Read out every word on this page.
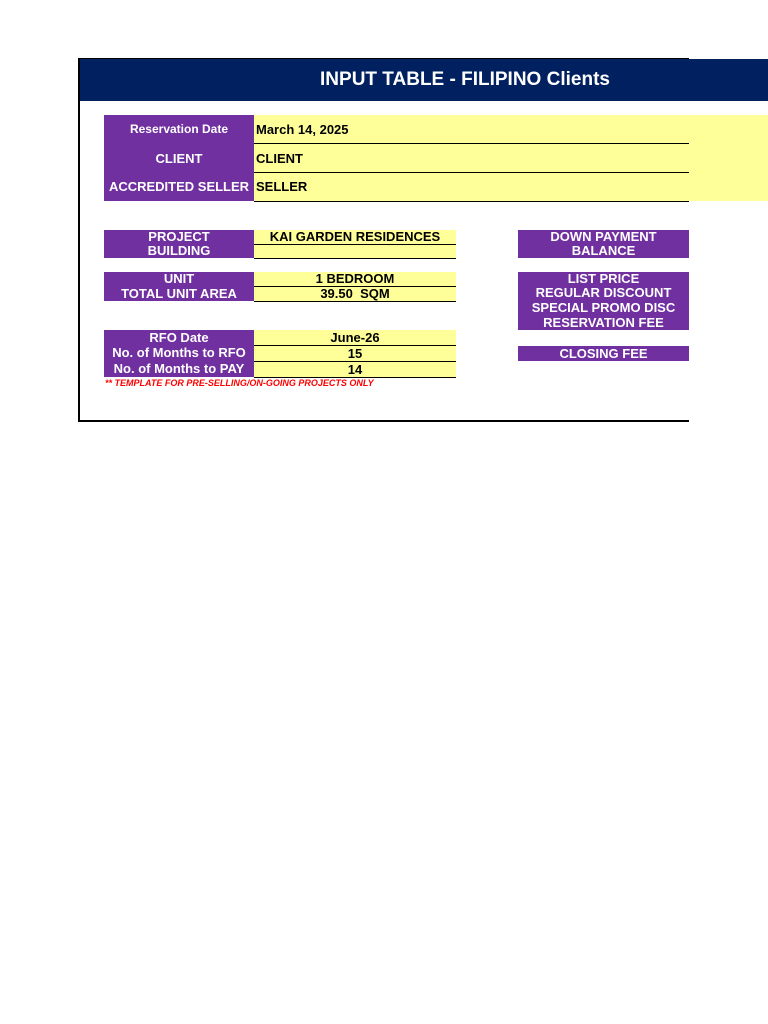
INPUT TABLE - FILIPINO Clients
Reservation Date	March 14, 2025
CLIENT	CLIENT
ACCREDITED SELLER SELLER
PROJECT
BUILDING
KAI GARDEN RESIDENCES
UNIT
TOTAL UNIT AREA
1 BEDROOM
39.50  SQM
RFO Date
No. of Months to RFO
No. of Months to PAY
June-26
15
14
** TEMPLATE FOR PRE-SELLING/ON-GOING PROJECTS ONLY
DOWN PAYMENT
BALANCE
LIST PRICE
REGULAR DISCOUNT
SPECIAL PROMO DISC
RESERVATION FEE
CLOSING FEE
